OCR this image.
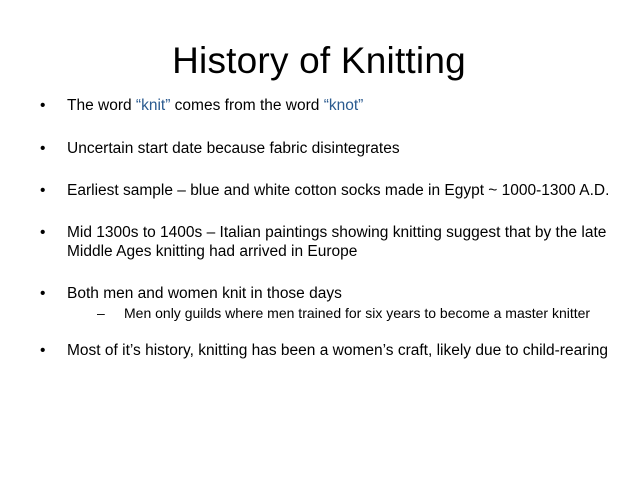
History of Knitting
• The word “knit” comes from the word “knot”
• Uncertain start date because fabric disintegrates
• Earliest sample – blue and white cotton socks made in Egypt ~ 1000-1300 A.D.
• Mid 1300s to 1400s – Italian paintings showing knitting suggest that by the late Middle Ages knitting had arrived in Europe
• Both men and women knit in those days
– Men only guilds where men trained for six years to become a master knitter
• Most of it’s history, knitting has been a women’s craft, likely due to child-rearing
